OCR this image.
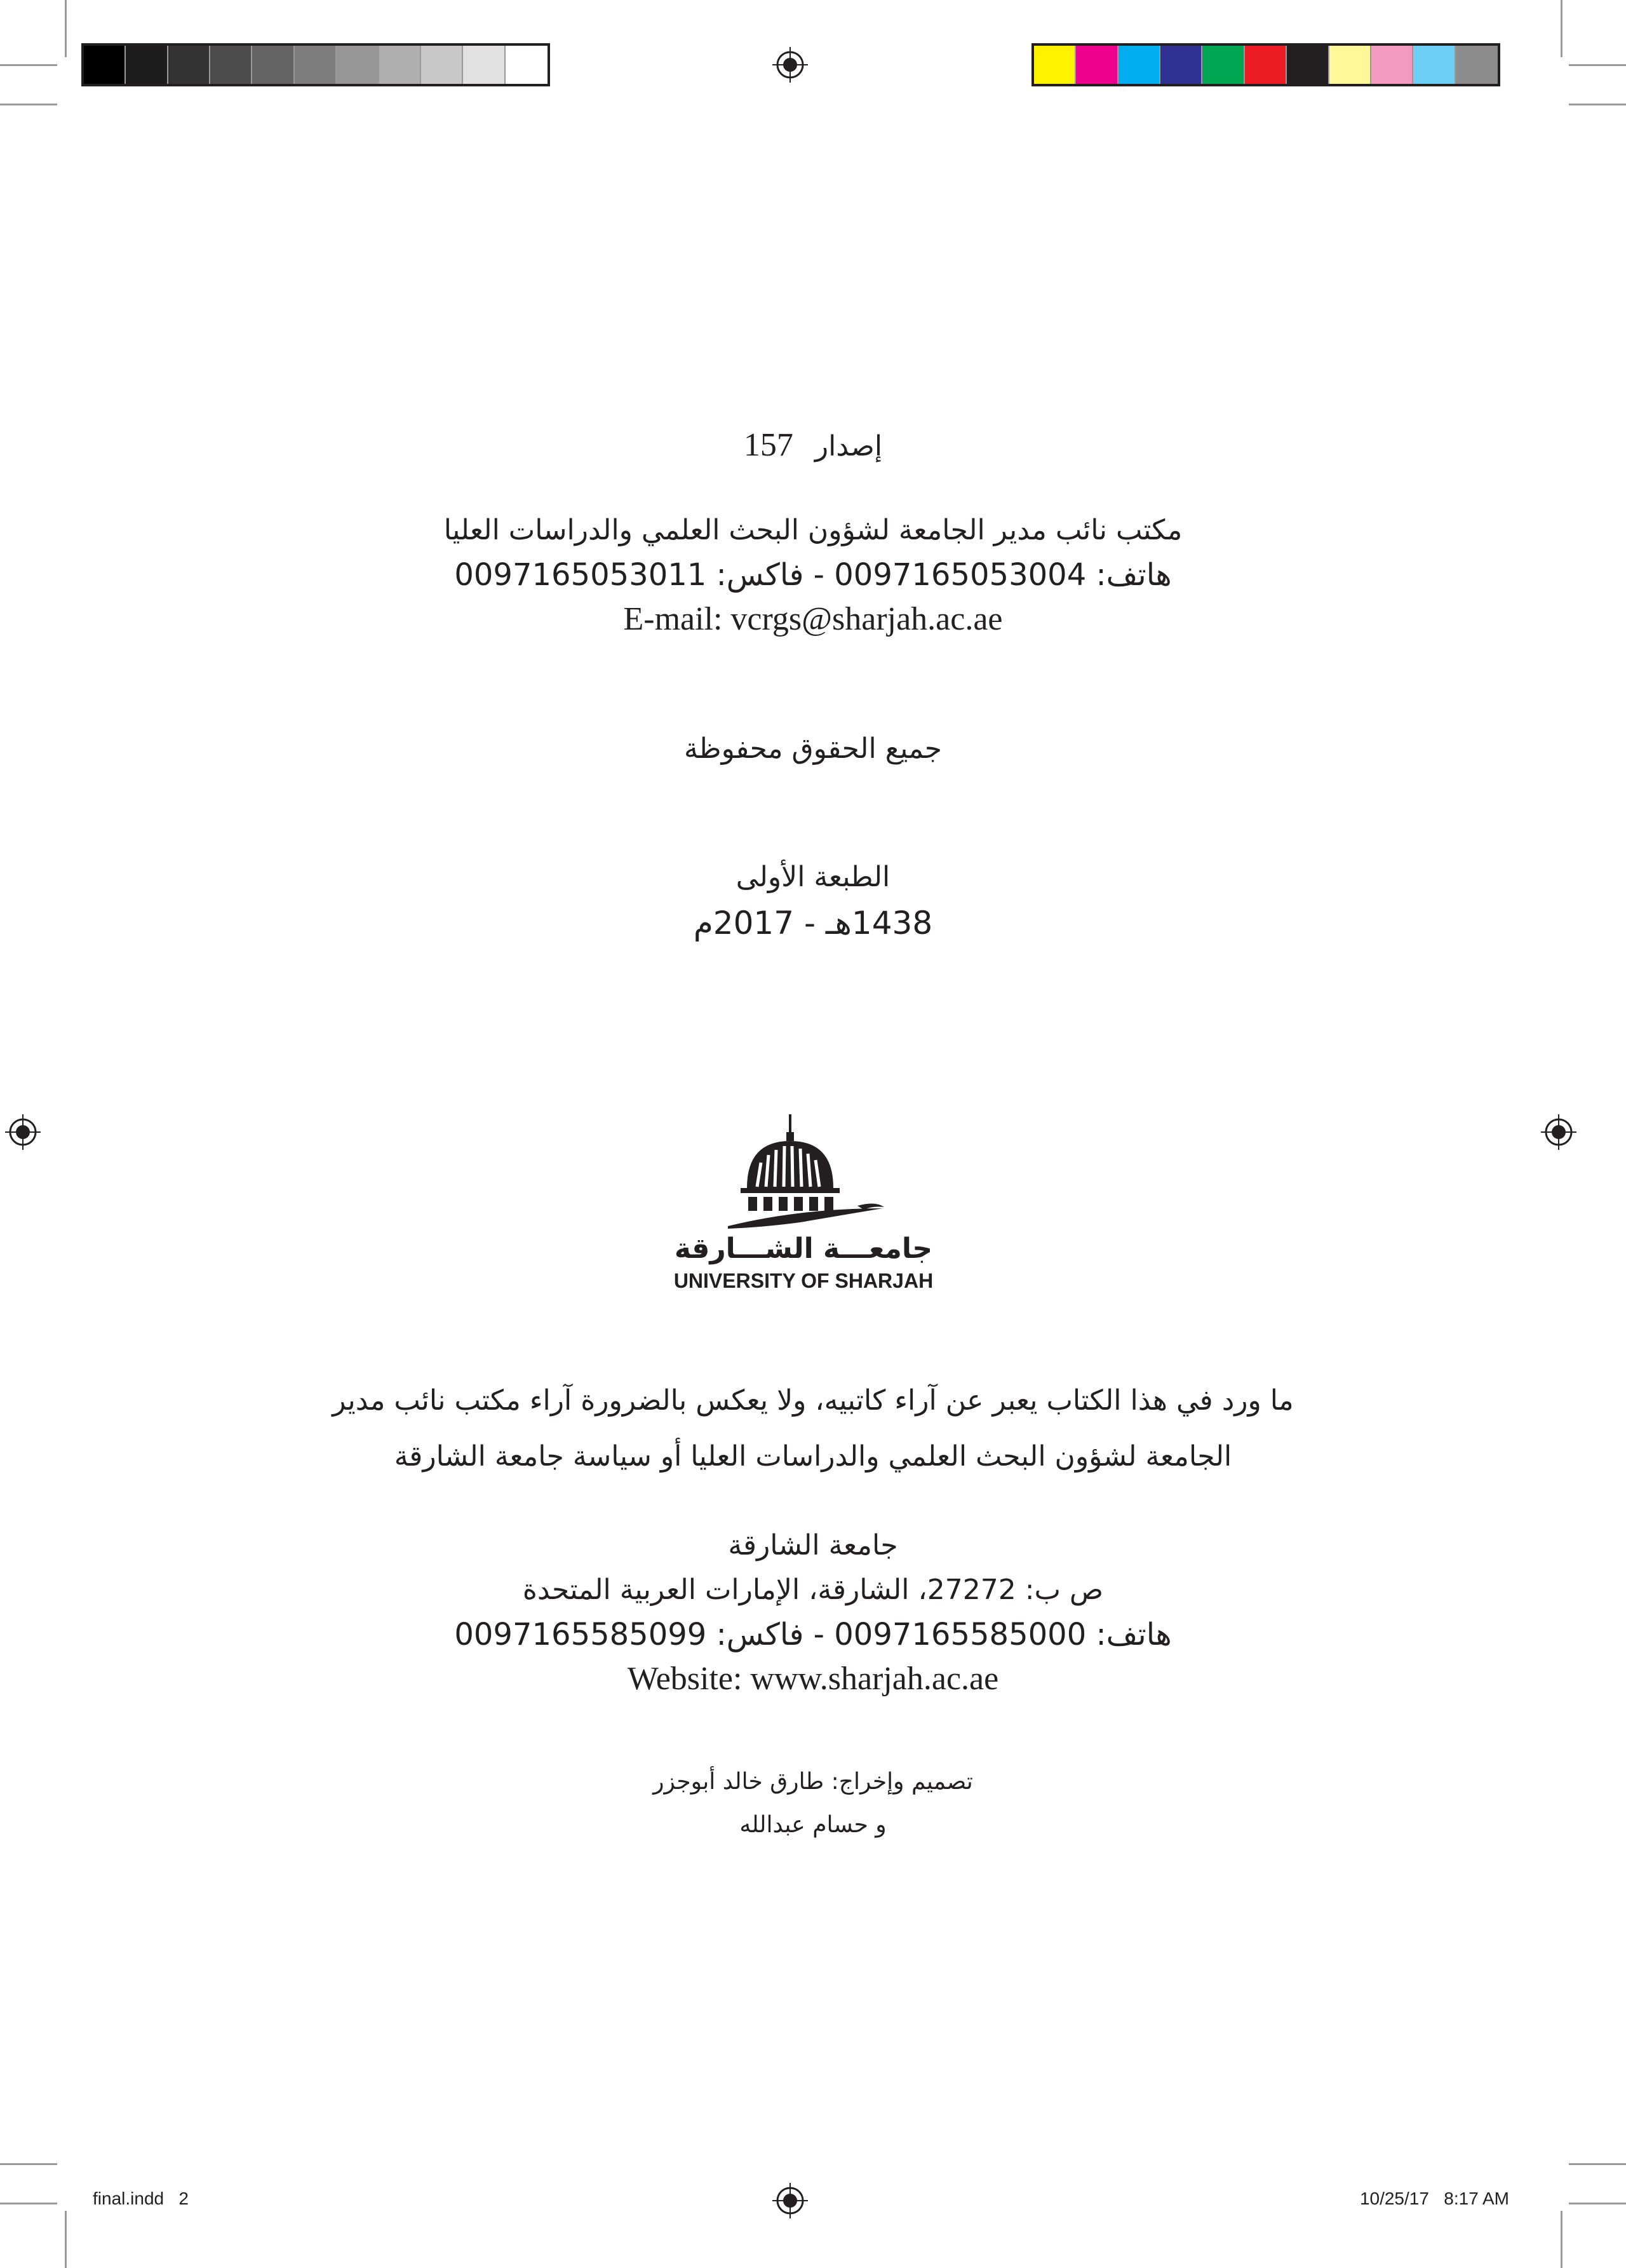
إصدار 157
مكتب نائب مدير الجامعة لشؤون البحث العلمي والدراسات العليا
هاتف: 0097165053004 - فاكس: 0097165053011
E-mail: vcrgs@sharjah.ac.ae
جميع الحقوق محفوظة
الطبعة الأولى
1438هـ - 2017م
جامعـــة الشـــارقة
UNIVERSITY OF SHARJAH
ما ورد في هذا الكتاب يعبر عن آراء كاتبيه، ولا يعكس بالضرورة آراء مكتب نائب مدير
الجامعة لشؤون البحث العلمي والدراسات العليا أو سياسة جامعة الشارقة
جامعة الشارقة
ص ب: 27272، الشارقة، الإمارات العربية المتحدة
هاتف: 0097165585000 - فاكس: 0097165585099
Website: www.sharjah.ac.ae
تصميم وإخراج: طارق خالد أبوجزر
و حسام عبدالله
final.indd   2	10/25/17   8:17 AM
